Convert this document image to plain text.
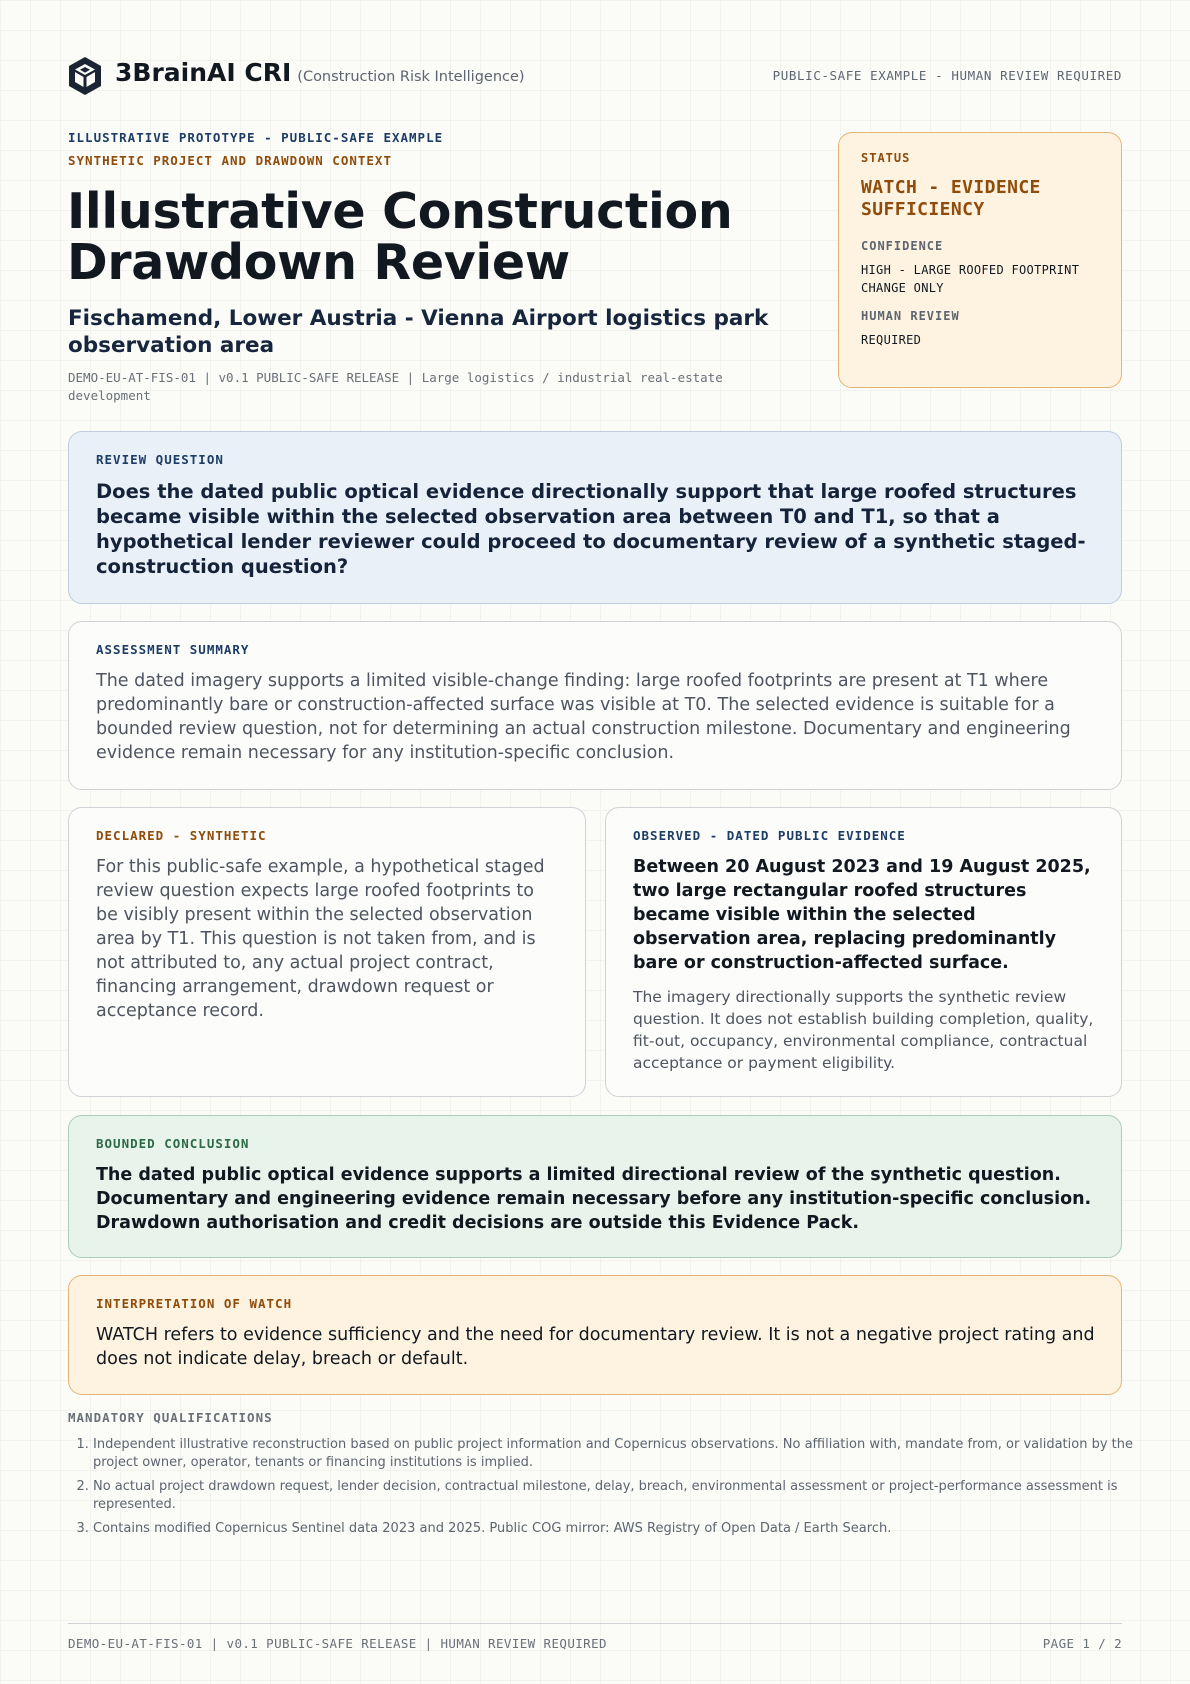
3BrainAI CRI (Construction Risk Intelligence)	PUBLIC-SAFE EXAMPLE - HUMAN REVIEW REQUIRED
ILLUSTRATIVE PROTOTYPE - PUBLIC-SAFE EXAMPLE
SYNTHETIC PROJECT AND DRAWDOWN CONTEXT
Illustrative Construction Drawdown Review
Fischamend, Lower Austria - Vienna Airport logistics park observation area
DEMO-EU-AT-FIS-01 | v0.1 PUBLIC-SAFE RELEASE | Large logistics / industrial real-estate development
STATUS
WATCH - EVIDENCE SUFFICIENCY
CONFIDENCE
HIGH - LARGE ROOFED FOOTPRINT CHANGE ONLY
HUMAN REVIEW
REQUIRED
REVIEW QUESTION
Does the dated public optical evidence directionally support that large roofed structures became visible within the selected observation area between T0 and T1, so that a hypothetical lender reviewer could proceed to documentary review of a synthetic staged-construction question?
ASSESSMENT SUMMARY
The dated imagery supports a limited visible-change finding: large roofed footprints are present at T1 where predominantly bare or construction-affected surface was visible at T0. The selected evidence is suitable for a bounded review question, not for determining an actual construction milestone. Documentary and engineering evidence remain necessary for any institution-specific conclusion.
DECLARED - SYNTHETIC
For this public-safe example, a hypothetical staged review question expects large roofed footprints to be visibly present within the selected observation area by T1. This question is not taken from, and is not attributed to, any actual project contract, financing arrangement, drawdown request or acceptance record.
OBSERVED - DATED PUBLIC EVIDENCE
Between 20 August 2023 and 19 August 2025, two large rectangular roofed structures became visible within the selected observation area, replacing predominantly bare or construction-affected surface.
The imagery directionally supports the synthetic review question. It does not establish building completion, quality, fit-out, occupancy, environmental compliance, contractual acceptance or payment eligibility.
BOUNDED CONCLUSION
The dated public optical evidence supports a limited directional review of the synthetic question. Documentary and engineering evidence remain necessary before any institution-specific conclusion. Drawdown authorisation and credit decisions are outside this Evidence Pack.
INTERPRETATION OF WATCH
WATCH refers to evidence sufficiency and the need for documentary review. It is not a negative project rating and does not indicate delay, breach or default.
MANDATORY QUALIFICATIONS
1. Independent illustrative reconstruction based on public project information and Copernicus observations. No affiliation with, mandate from, or validation by the project owner, operator, tenants or financing institutions is implied.
2. No actual project drawdown request, lender decision, contractual milestone, delay, breach, environmental assessment or project-performance assessment is represented.
3. Contains modified Copernicus Sentinel data 2023 and 2025. Public COG mirror: AWS Registry of Open Data / Earth Search.
DEMO-EU-AT-FIS-01 | v0.1 PUBLIC-SAFE RELEASE | HUMAN REVIEW REQUIRED	PAGE 1 / 2
